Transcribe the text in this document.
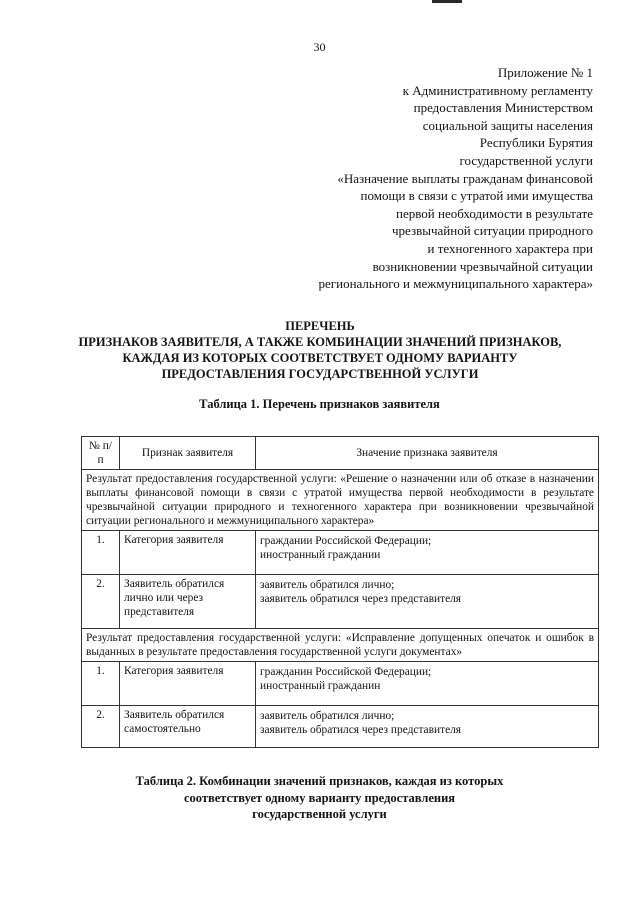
30
Приложение № 1
к Административному регламенту
предоставления Министерством
социальной защиты населения
Республики Бурятия
государственной услуги
«Назначение выплаты гражданам финансовой
помощи в связи с утратой ими имущества
первой необходимости в результате
чрезвычайной ситуации природного
и техногенного характера при
возникновении чрезвычайной ситуации
регионального и межмуниципального характера»
ПЕРЕЧЕНЬ
ПРИЗНАКОВ ЗАЯВИТЕЛЯ, А ТАКЖЕ КОМБИНАЦИИ ЗНАЧЕНИЙ ПРИЗНАКОВ,
КАЖДАЯ ИЗ КОТОРЫХ СООТВЕТСТВУЕТ ОДНОМУ ВАРИАНТУ
ПРЕДОСТАВЛЕНИЯ ГОСУДАРСТВЕННОЙ УСЛУГИ
Таблица 1. Перечень признаков заявителя
№ п/п	Признак заявителя	Значение признака заявителя
Результат предоставления государственной услуги: «Решение о назначении или об отказе в назначении выплаты финансовой помощи в связи с утратой имущества первой необходимости в результате чрезвычайной ситуации природного и техногенного характера при возникновении чрезвычайной ситуации регионального и межмуниципального характера»		
1.	Категория заявителя	граждании Российской Федерации;
иностранный граждании

2.	Заявитель обратился лично или через представителя	заявитель обратился лично;
заявитель обратился через представителя

Результат предоставления государственной услуги: «Исправление допущенных опечаток и ошибок в выданных в результате предоставления государственной услуги документах»		
1.	Категория заявителя	гражданин Российской Федерации;
иностранный гражданин

2.	Заявитель обратился самостоятельно	заявитель обратился лично;
заявитель обратился через представителя
Таблица 2. Комбинации значений признаков, каждая из которых
соответствует одному варианту предоставления
государственной услуги
